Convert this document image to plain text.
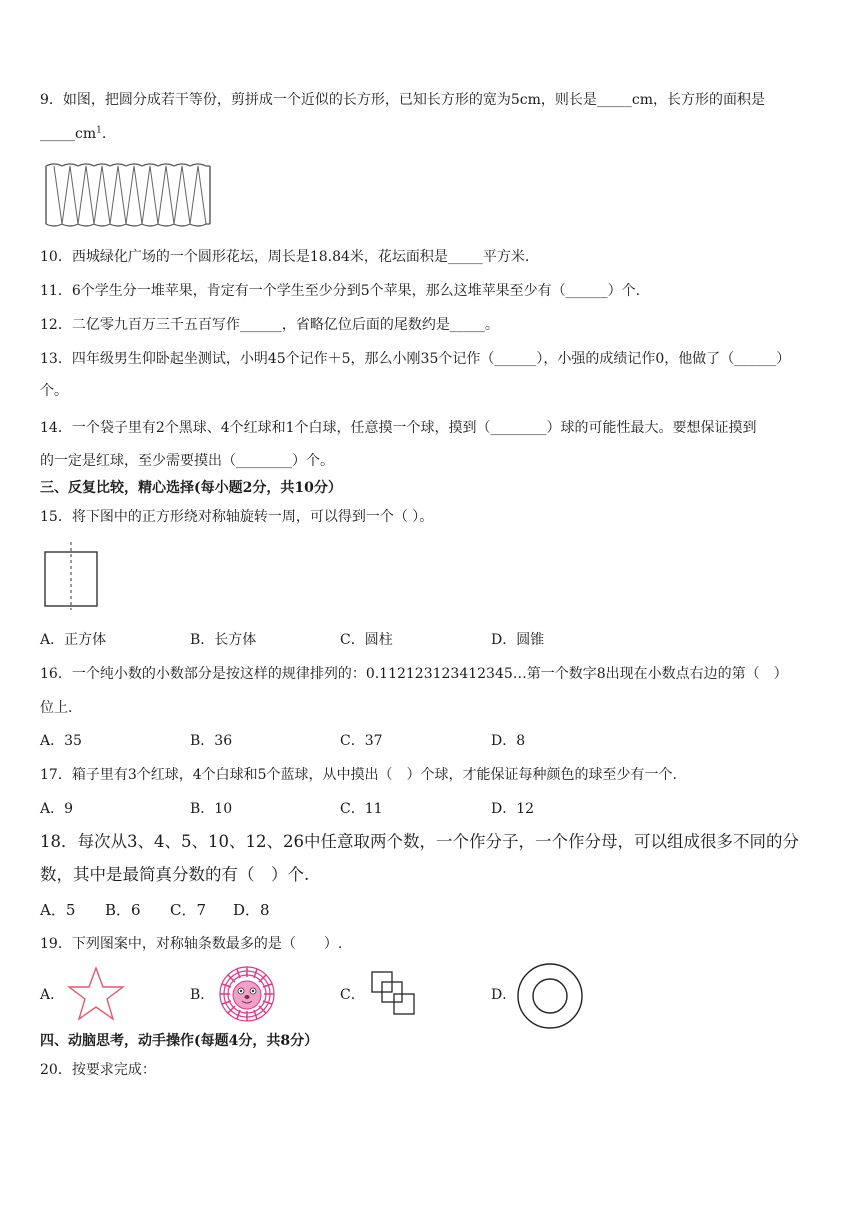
9．如图，把圆分成若干等份，剪拼成一个近似的长方形，已知长方形的宽为5cm，则长是_____cm，长方形的面积是
$\_\_\_\_\_cm^1$.
10．西城绿化广场的一个圆形花坛，周长是18.84米，花坛面积是_____平方米.
11．6个学生分一堆苹果，肯定有一个学生至少分到5个苹果，那么这堆苹果至少有（______）个.
12．二亿零九百万三千五百写作______，省略亿位后面的尾数约是_____。
13．四年级男生仰卧起坐测试，小明45个记作＋5，那么小刚35个记作（______），小强的成绩记作0，他做了（______）
个。
14．一个袋子里有2个黑球、4个红球和1个白球，任意摸一个球，摸到（________）球的可能性最大。要想保证摸到
的一定是红球，至少需要摸出（________）个。
三、反复比较，精心选择(每小题2分，共10分）
15．将下图中的正方形绕对称轴旋转一周，可以得到一个（ ）。
A．正方体	B．长方体	C．圆柱	D．圆锥
16．一个纯小数的小数部分是按这样的规律排列的：0.112123123412345…第一个数字8出现在小数点右边的第（　）
位上.
A．35	B．36	C．37	D．8
17．箱子里有3个红球，4个白球和5个蓝球，从中摸出（　）个球，才能保证每种颜色的球至少有一个.
A．9	B．10	C．11	D．12
18．每次从3、4、5、10、12、26中任意取两个数，一个作分子，一个作分母，可以组成很多不同的分
数，其中是最简真分数的有（　）个.
A．5 B．6 C．7 D．8
19．下列图案中，对称轴条数最多的是（　　）.
A．	B．	C．	D．
四、动脑思考，动手操作(每题4分，共8分）
20．按要求完成：
